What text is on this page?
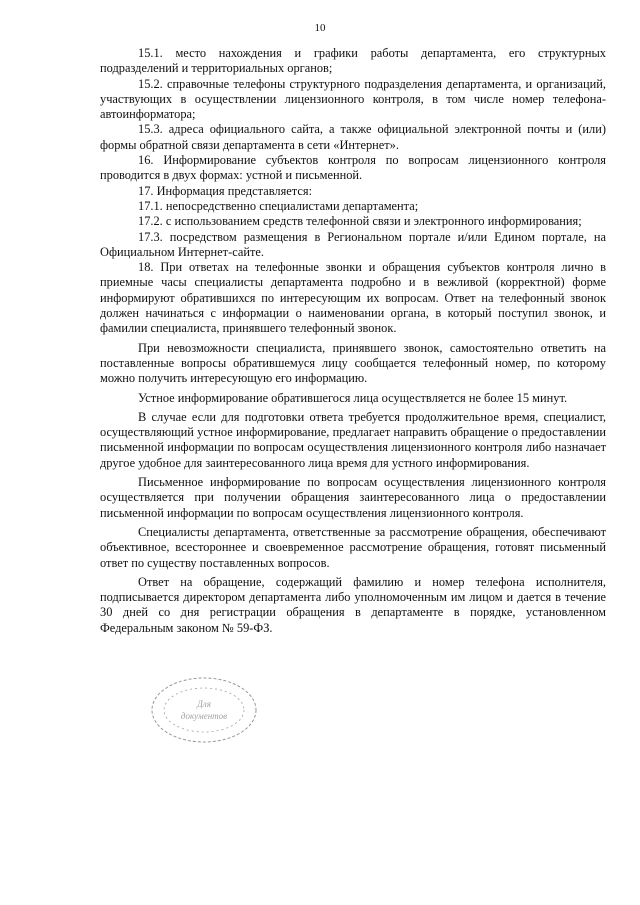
10

15.1. место нахождения и графики работы департамента, его структурных подразделений и территориальных органов;

15.2. справочные телефоны структурного подразделения департамента, и организаций, участвующих в осуществлении лицензионного контроля, в том числе номер телефона-автоинформатора;

15.3. адреса официального сайта, а также официальной электронной почты и (или) формы обратной связи департамента в сети «Интернет».

16. Информирование субъектов контроля по вопросам лицензионного контроля проводится в двух формах: устной и письменной.

17. Информация представляется:

17.1. непосредственно специалистами департамента;

17.2. с использованием средств телефонной связи и электронного информирования;

17.3. посредством размещения в Региональном портале и/или Едином портале, на Официальном Интернет-сайте.

18. При ответах на телефонные звонки и обращения субъектов контроля лично в приемные часы специалисты департамента подробно и в вежливой (корректной) форме информируют обратившихся по интересующим их вопросам. Ответ на телефонный звонок должен начинаться с информации о наименовании органа, в который поступил звонок, и фамилии специалиста, принявшего телефонный звонок.

При невозможности специалиста, принявшего звонок, самостоятельно ответить на поставленные вопросы обратившемуся лицу сообщается телефонный номер, по которому можно получить интересующую его информацию.

Устное информирование обратившегося лица осуществляется не более 15 минут.

В случае если для подготовки ответа требуется продолжительное время, специалист, осуществляющий устное информирование, предлагает направить обращение о предоставлении письменной информации по вопросам осуществления лицензионного контроля либо назначает другое удобное для заинтересованного лица время для устного информирования.

Письменное информирование по вопросам осуществления лицензионного контроля осуществляется при получении обращения заинтересованного лица о предоставлении письменной информации по вопросам осуществления лицензионного контроля.

Специалисты департамента, ответственные за рассмотрение обращения, обеспечивают объективное, всестороннее и своевременное рассмотрение обращения, готовят письменный ответ по существу поставленных вопросов.

Ответ на обращение, содержащий фамилию и номер телефона исполнителя, подписывается директором департамента либо уполномоченным им лицом и дается в течение 30 дней со дня регистрации обращения в департаменте в порядке, установленном Федеральным законом № 59-ФЗ.

Для
документов
